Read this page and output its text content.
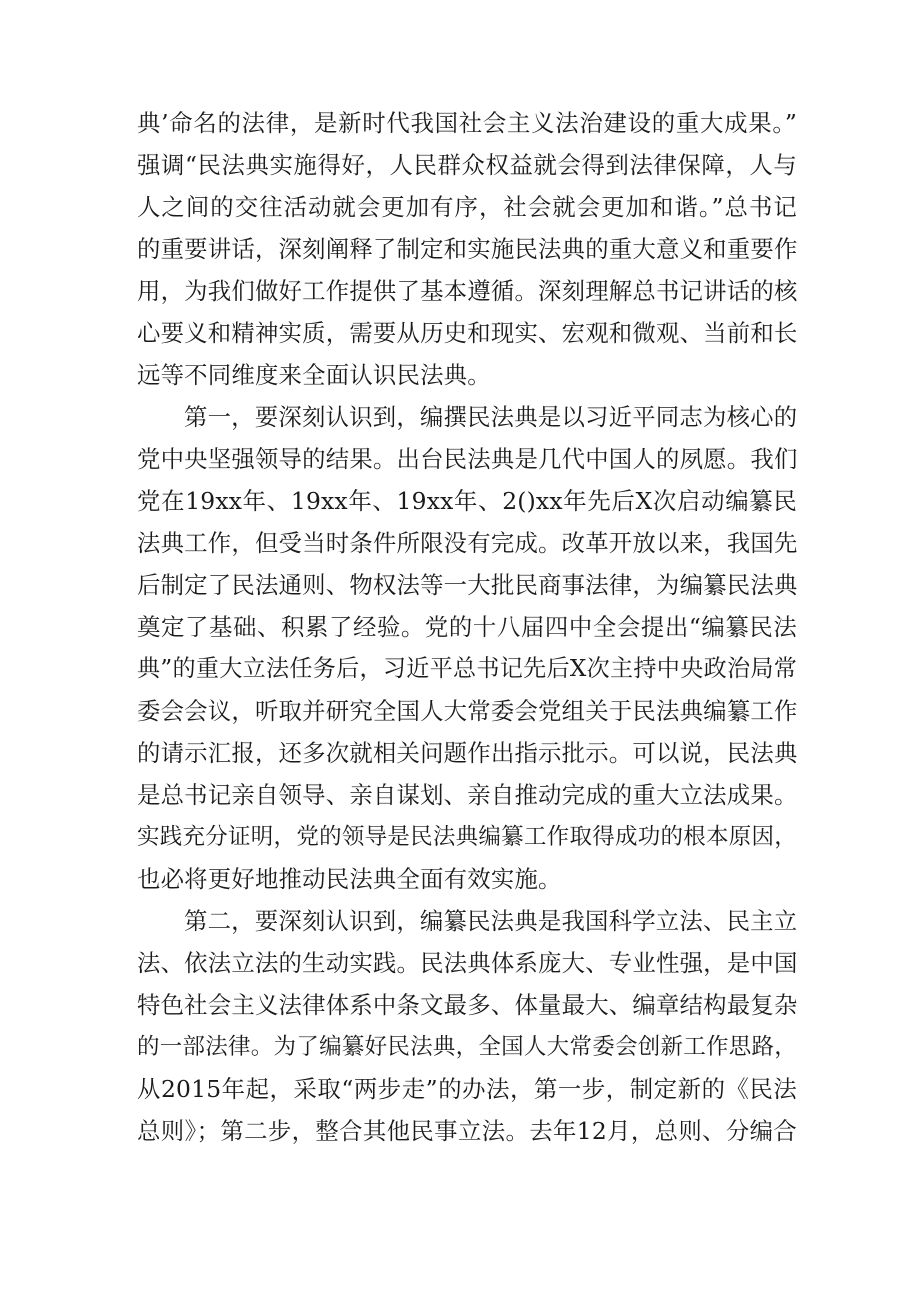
典’命名的法律，是新时代我国社会主义法治建设的重大成果。”
强调“民法典实施得好，人民群众权益就会得到法律保障，人与
人之间的交往活动就会更加有序，社会就会更加和谐。”总书记
的重要讲话，深刻阐释了制定和实施民法典的重大意义和重要作
用，为我们做好工作提供了基本遵循。深刻理解总书记讲话的核
心要义和精神实质，需要从历史和现实、宏观和微观、当前和长
远等不同维度来全面认识民法典。

第一，要深刻认识到，编撰民法典是以习近平同志为核心的
党中央坚强领导的结果。出台民法典是几代中国人的夙愿。我们
党在19xx年、19xx年、19xx年、2()xx年先后X次启动编纂民
法典工作，但受当时条件所限没有完成。改革开放以来，我国先
后制定了民法通则、物权法等一大批民商事法律，为编纂民法典
奠定了基础、积累了经验。党的十八届四中全会提出“编纂民法
典”的重大立法任务后，习近平总书记先后X次主持中央政治局常
委会会议，听取并研究全国人大常委会党组关于民法典编纂工作
的请示汇报，还多次就相关问题作出指示批示。可以说，民法典
是总书记亲自领导、亲自谋划、亲自推动完成的重大立法成果。
实践充分证明，党的领导是民法典编纂工作取得成功的根本原因，
也必将更好地推动民法典全面有效实施。

第二，要深刻认识到，编纂民法典是我国科学立法、民主立
法、依法立法的生动实践。民法典体系庞大、专业性强，是中国
特色社会主义法律体系中条文最多、体量最大、编章结构最复杂
的一部法律。为了编纂好民法典，全国人大常委会创新工作思路，
从2015年起，采取“两步走”的办法，第一步，制定新的《民法
总则》；第二步，整合其他民事立法。去年12月，总则、分编合
